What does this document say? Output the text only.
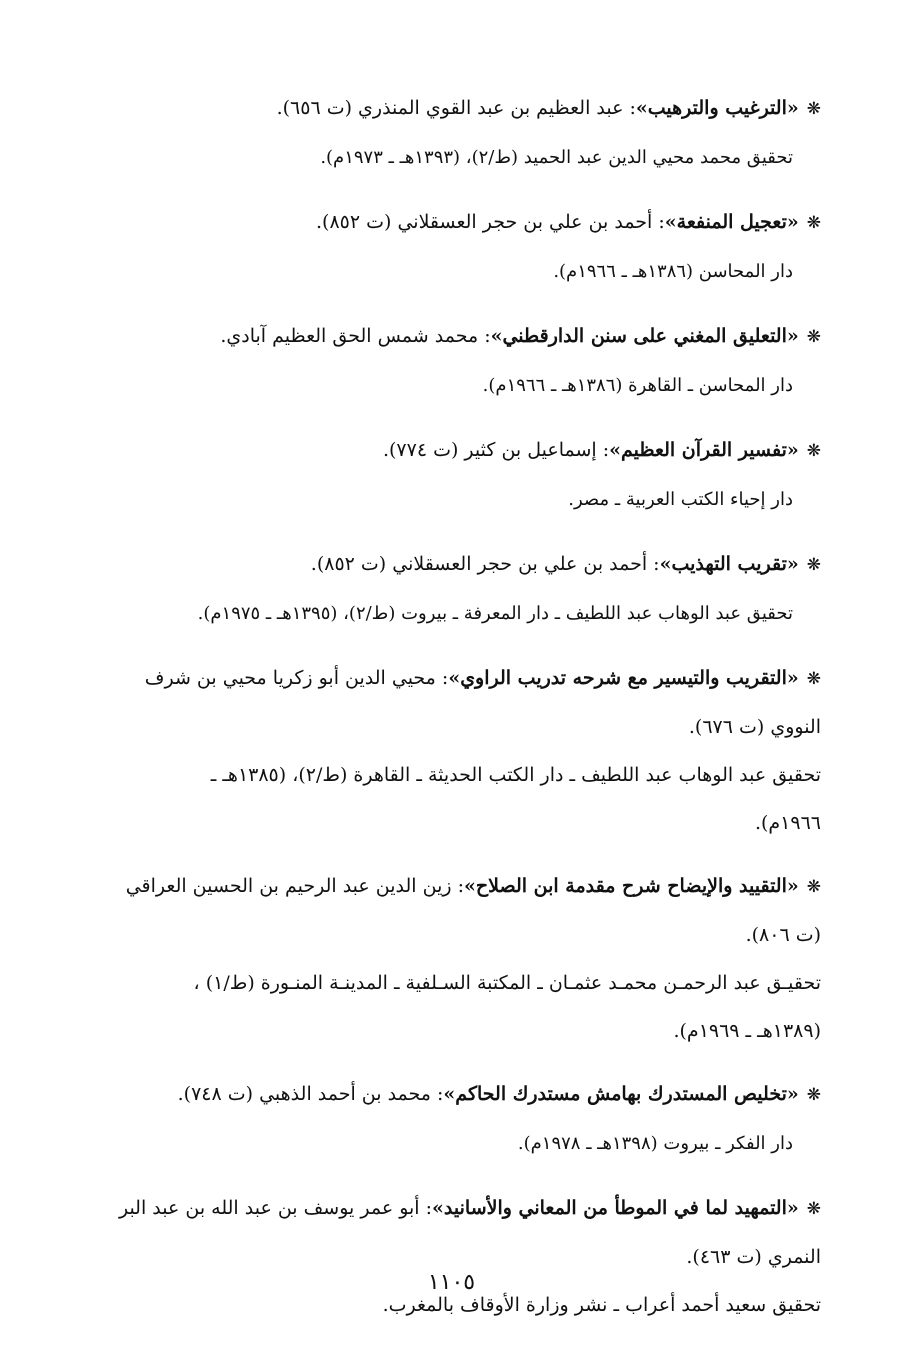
❋«الترغيب والترهيب»: عبد العظيم بن عبد القوي المنذري (ت ٦٥٦).
تحقيق محمد محيي الدين عبد الحميد (ط/٢)، (١٣٩٣هـ ـ ١٩٧٣م).
❋«تعجيل المنفعة»: أحمد بن علي بن حجر العسقلاني (ت ٨٥٢).
دار المحاسن (١٣٨٦هـ ـ ١٩٦٦م).
❋«التعليق المغني على سنن الدارقطني»: محمد شمس الحق العظيم آبادي.
دار المحاسن ـ القاهرة (١٣٨٦هـ ـ ١٩٦٦م).
❋«تفسير القرآن العظيم»: إسماعيل بن كثير (ت ٧٧٤).
دار إحياء الكتب العربية ـ مصر.
❋«تقريب التهذيب»: أحمد بن علي بن حجر العسقلاني (ت ٨٥٢).
تحقيق عبد الوهاب عبد اللطيف ـ دار المعرفة ـ بيروت (ط/٢)، (١٣٩٥هـ ـ ١٩٧٥م).
❋«التقريب والتيسير مع شرحه تدريب الراوي»: محيي الدين أبو زكريا محيي بن شرف
النووي (ت ٦٧٦).
تحقيق عبد الوهاب عبد اللطيف ـ دار الكتب الحديثة ـ القاهرة (ط/٢)، (١٣٨٥هـ ـ
١٩٦٦م).
❋«التقييد والإيضاح شرح مقدمة ابن الصلاح»: زين الدين عبد الرحيم بن الحسين العراقي
(ت ٨٠٦).
تحقيـق عبد الرحمـن محمـد عثمـان ـ المكتبة السـلفية ـ المدينـة المنـورة (ط/١) ،
(١٣٨٩هـ ـ ١٩٦٩م).
❋«تخليص المستدرك بهامش مستدرك الحاكم»: محمد بن أحمد الذهبي (ت ٧٤٨).
دار الفكر ـ بيروت (١٣٩٨هـ ـ ١٩٧٨م).
❋«التمهيد لما في الموطأ من المعاني والأسانيد»: أبو عمر يوسف بن عبد الله بن عبد البر
النمري (ت ٤٦٣).
تحقيق سعيد أحمد أعراب ـ نشر وزارة الأوقاف بالمغرب.
١١٠٥
